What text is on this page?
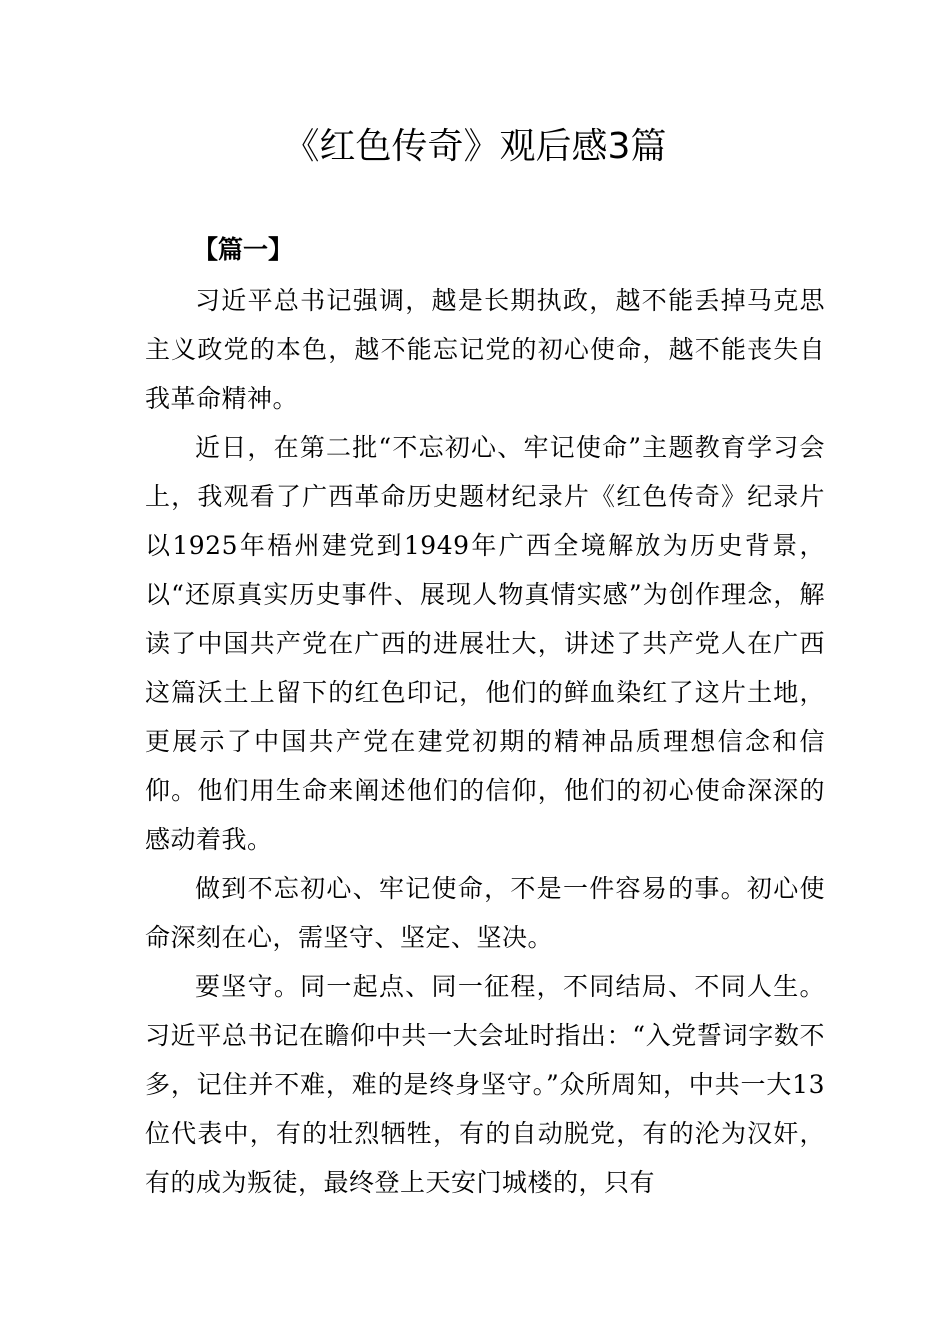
《红色传奇》观后感3篇
【篇一】

习近平总书记强调，越是长期执政，越不能丢掉马克思主义政党的本色，越不能忘记党的初心使命，越不能丧失自我革命精神。

近日，在第二批“不忘初心、牢记使命”主题教育学习会上，我观看了广西革命历史题材纪录片《红色传奇》纪录片以1925年梧州建党到1949年广西全境解放为历史背景，以“还原真实历史事件、展现人物真情实感”为创作理念，解读了中国共产党在广西的进展壮大，讲述了共产党人在广西这篇沃土上留下的红色印记，他们的鲜血染红了这片土地，更展示了中国共产党在建党初期的精神品质理想信念和信仰。他们用生命来阐述他们的信仰，他们的初心使命深深的感动着我。

做到不忘初心、牢记使命，不是一件容易的事。初心使命深刻在心，需坚守、坚定、坚决。

要坚守。同一起点、同一征程，不同结局、不同人生。习近平总书记在瞻仰中共一大会址时指出：“入党誓词字数不多，记住并不难，难的是终身坚守。”众所周知，中共一大13位代表中，有的壮烈牺牲，有的自动脱党，有的沦为汉奸，有的成为叛徒，最终登上天安门城楼的，只有
